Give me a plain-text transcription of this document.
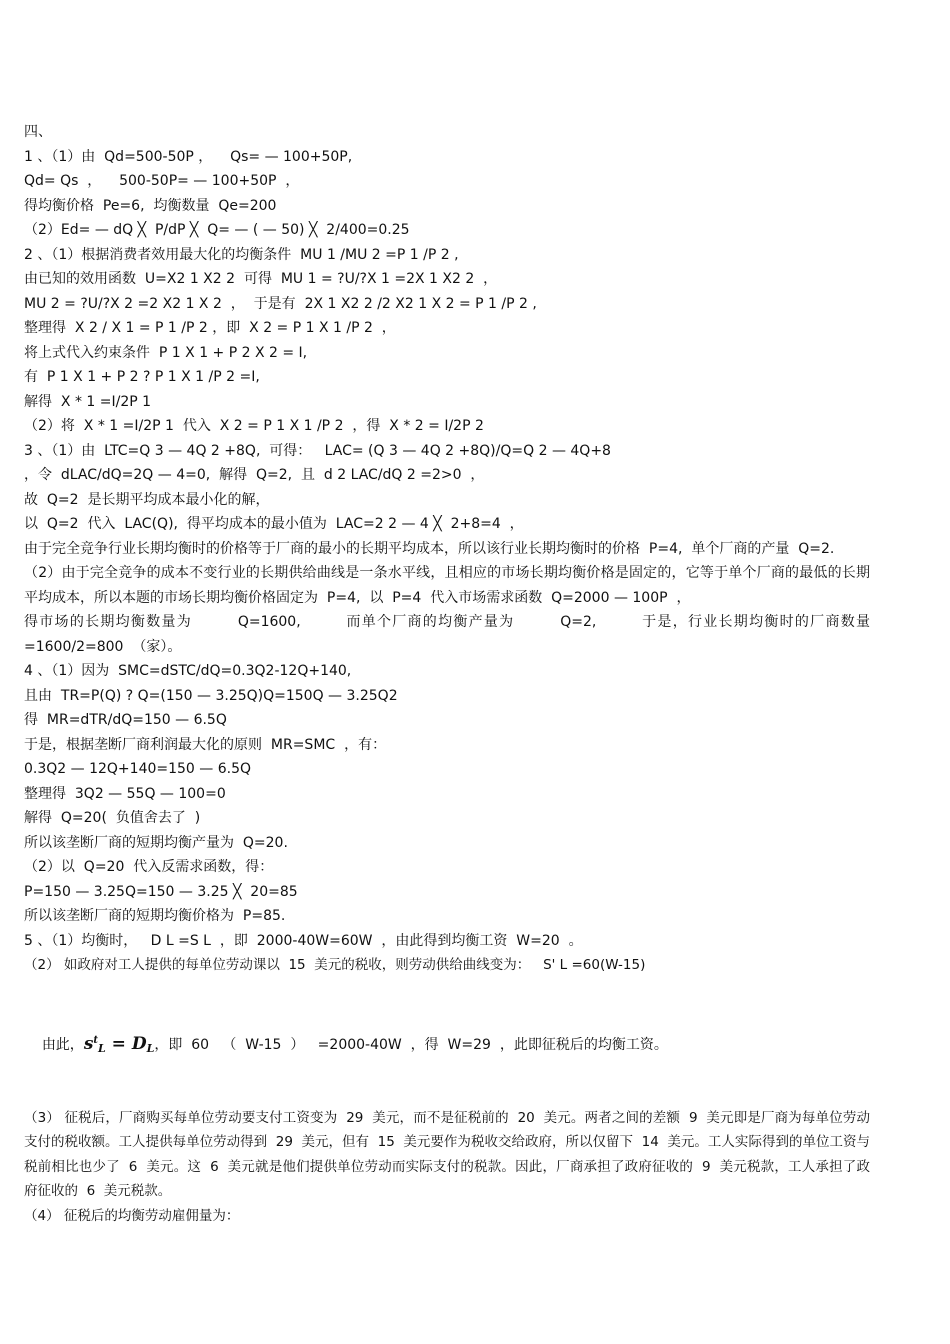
四、

1 、（1）由  Qd=500-50P ，    Qs= — 100+50P,

Qd= Qs  ，    500-50P= — 100+50P  ，

得均衡价格  Pe=6,  均衡数量  Qe=200

（2）Ed= — dQ ╳  P/dP ╳  Q= — ( — 50) ╳  2/400=0.25

2 、（1）根据消费者效用最大化的均衡条件  MU 1 /MU 2 =P 1 /P 2 ,

由已知的效用函数  U=X2 1 X2 2  可得  MU 1 = ?U/?X 1 =2X 1 X2 2  ，

MU 2 = ?U/?X 2 =2 X2 1 X 2  ，  于是有  2X 1 X2 2 /2 X2 1 X 2 = P 1 /P 2 ,

整理得  X 2 / X 1 = P 1 /P 2 ，即  X 2 = P 1 X 1 /P 2  ，

将上式代入约束条件  P 1 X 1 + P 2 X 2 = I,

有  P 1 X 1 + P 2 ? P 1 X 1 /P 2 =I,

解得  X * 1 =I/2P 1

（2）将  X * 1 =I/2P 1  代入  X 2 = P 1 X 1 /P 2  ，得  X * 2 = I/2P 2

3 、（1）由  LTC=Q 3 — 4Q 2 +8Q,  可得：   LAC= (Q 3 — 4Q 2 +8Q)/Q=Q 2 — 4Q+8

，令  dLAC/dQ=2Q — 4=0,  解得  Q=2,  且  d 2 LAC/dQ 2 =2>0  ，

故  Q=2  是长期平均成本最小化的解，

以  Q=2  代入  LAC(Q),  得平均成本的最小值为  LAC=2 2 — 4 ╳  2+8=4  ，

由于完全竞争行业长期均衡时的价格等于厂商的最小的长期平均成本，所以该行业长期均衡时的价格  P=4,  单个厂商的产量  Q=2.

（2）由于完全竞争的成本不变行业的长期供给曲线是一条水平线，且相应的市场长期均衡价格是固定的，它等于单个厂商的最低的长期平均成本，所以本题的市场长期均衡价格固定为  P=4,  以  P=4  代入市场需求函数  Q=2000 — 100P  ，

得市场的长期均衡数量为        Q=1600,        而单个厂商的均衡产量为        Q=2,        于是，行业长期均衡时的厂商数量=1600/2=800  （家）。

4 、（1）因为  SMC=dSTC/dQ=0.3Q2-12Q+140,

且由  TR=P(Q) ? Q=(150 — 3.25Q)Q=150Q — 3.25Q2

得  MR=dTR/dQ=150 — 6.5Q

于是，根据垄断厂商利润最大化的原则  MR=SMC  ，有：

0.3Q2 — 12Q+140=150 — 6.5Q

整理得  3Q2 — 55Q — 100=0

解得  Q=20(  负值舍去了  )

所以该垄断厂商的短期均衡产量为  Q=20.

（2）以  Q=20  代入反需求函数，得：

P=150 — 3.25Q=150 — 3.25 ╳  20=85

所以该垄断厂商的短期均衡价格为  P=85.

5 、（1）均衡时，   D L =S L  ，即  2000-40W=60W  ，由此得到均衡工资  W=20  。

（2） 如政府对工人提供的每单位劳动课以  15  美元的税收，则劳动供给曲线变为：   S' L =60(W-15)

由此，$s^t_L = D_L$，即  60   （  W-15  ）   =2000-40W  ，得  W=29  ，此即征税后的均衡工资。

（3） 征税后，厂商购买每单位劳动要支付工资变为  29  美元，而不是征税前的  20  美元。两者之间的差额  9  美元即是厂商为每单位劳动支付的税收额。工人提供每单位劳动得到  29  美元，但有  15  美元要作为税收交给政府，所以仅留下  14  美元。工人实际得到的单位工资与税前相比也少了  6  美元。这  6  美元就是他们提供单位劳动而实际支付的税款。因此，厂商承担了政府征收的  9  美元税款，工人承担了政府征收的  6  美元税款。

（4） 征税后的均衡劳动雇佣量为：
